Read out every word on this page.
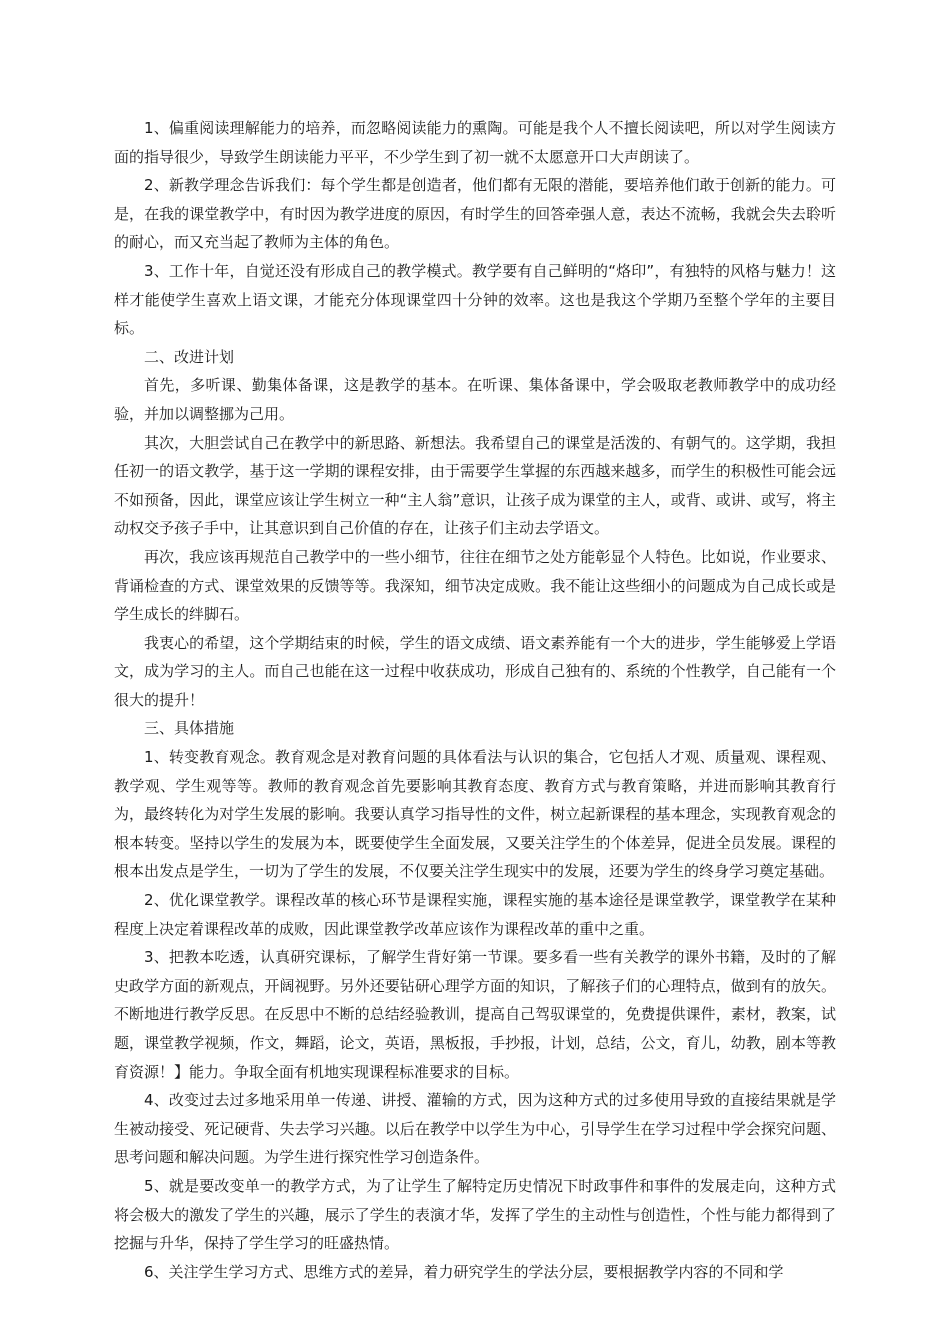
1、偏重阅读理解能力的培养，而忽略阅读能力的熏陶。可能是我个人不擅长阅读吧，所以对学生阅读方面的指导很少，导致学生朗读能力平平，不少学生到了初一就不太愿意开口大声朗读了。

2、新教学理念告诉我们：每个学生都是创造者，他们都有无限的潜能，要培养他们敢于创新的能力。可是，在我的课堂教学中，有时因为教学进度的原因，有时学生的回答牵强人意，表达不流畅，我就会失去聆听的耐心，而又充当起了教师为主体的角色。

3、工作十年，自觉还没有形成自己的教学模式。教学要有自己鲜明的“烙印”，有独特的风格与魅力！这样才能使学生喜欢上语文课，才能充分体现课堂四十分钟的效率。这也是我这个学期乃至整个学年的主要目标。

二、改进计划

首先，多听课、勤集体备课，这是教学的基本。在听课、集体备课中，学会吸取老教师教学中的成功经验，并加以调整挪为己用。

其次，大胆尝试自己在教学中的新思路、新想法。我希望自己的课堂是活泼的、有朝气的。这学期，我担任初一的语文教学，基于这一学期的课程安排，由于需要学生掌握的东西越来越多，而学生的积极性可能会远不如预备，因此，课堂应该让学生树立一种“主人翁”意识，让孩子成为课堂的主人，或背、或讲、或写，将主动权交予孩子手中，让其意识到自己价值的存在，让孩子们主动去学语文。

再次，我应该再规范自己教学中的一些小细节，往往在细节之处方能彰显个人特色。比如说，作业要求、背诵检查的方式、课堂效果的反馈等等。我深知，细节决定成败。我不能让这些细小的问题成为自己成长或是学生成长的绊脚石。

我衷心的希望，这个学期结束的时候，学生的语文成绩、语文素养能有一个大的进步，学生能够爱上学语文，成为学习的主人。而自己也能在这一过程中收获成功，形成自己独有的、系统的个性教学，自己能有一个很大的提升！

三、具体措施

1、转变教育观念。教育观念是对教育问题的具体看法与认识的集合，它包括人才观、质量观、课程观、教学观、学生观等等。教师的教育观念首先要影响其教育态度、教育方式与教育策略，并进而影响其教育行为，最终转化为对学生发展的影响。我要认真学习指导性的文件，树立起新课程的基本理念，实现教育观念的根本转变。坚持以学生的发展为本，既要使学生全面发展，又要关注学生的个体差异，促进全员发展。课程的根本出发点是学生，一切为了学生的发展，不仅要关注学生现实中的发展，还要为学生的终身学习奠定基础。

2、优化课堂教学。课程改革的核心环节是课程实施，课程实施的基本途径是课堂教学，课堂教学在某种程度上决定着课程改革的成败，因此课堂教学改革应该作为课程改革的重中之重。

3、把教本吃透，认真研究课标，了解学生背好第一节课。要多看一些有关教学的课外书籍，及时的了解史政学方面的新观点，开阔视野。另外还要钻研心理学方面的知识，了解孩子们的心理特点，做到有的放矢。不断地进行教学反思。在反思中不断的总结经验教训，提高自己驾驭课堂的，免费提供课件，素材，教案，试题，课堂教学视频，作文，舞蹈，论文，英语，黑板报，手抄报，计划，总结，公文，育儿，幼教，剧本等教育资源！】能力。争取全面有机地实现课程标准要求的目标。

4、改变过去过多地采用单一传递、讲授、灌输的方式，因为这种方式的过多使用导致的直接结果就是学生被动接受、死记硬背、失去学习兴趣。以后在教学中以学生为中心，引导学生在学习过程中学会探究问题、思考问题和解决问题。为学生进行探究性学习创造条件。

5、就是要改变单一的教学方式，为了让学生了解特定历史情况下时政事件和事件的发展走向，这种方式将会极大的激发了学生的兴趣，展示了学生的表演才华，发挥了学生的主动性与创造性，个性与能力都得到了挖掘与升华，保持了学生学习的旺盛热情。

6、关注学生学习方式、思维方式的差异，着力研究学生的学法分层，要根据教学内容的不同和学
